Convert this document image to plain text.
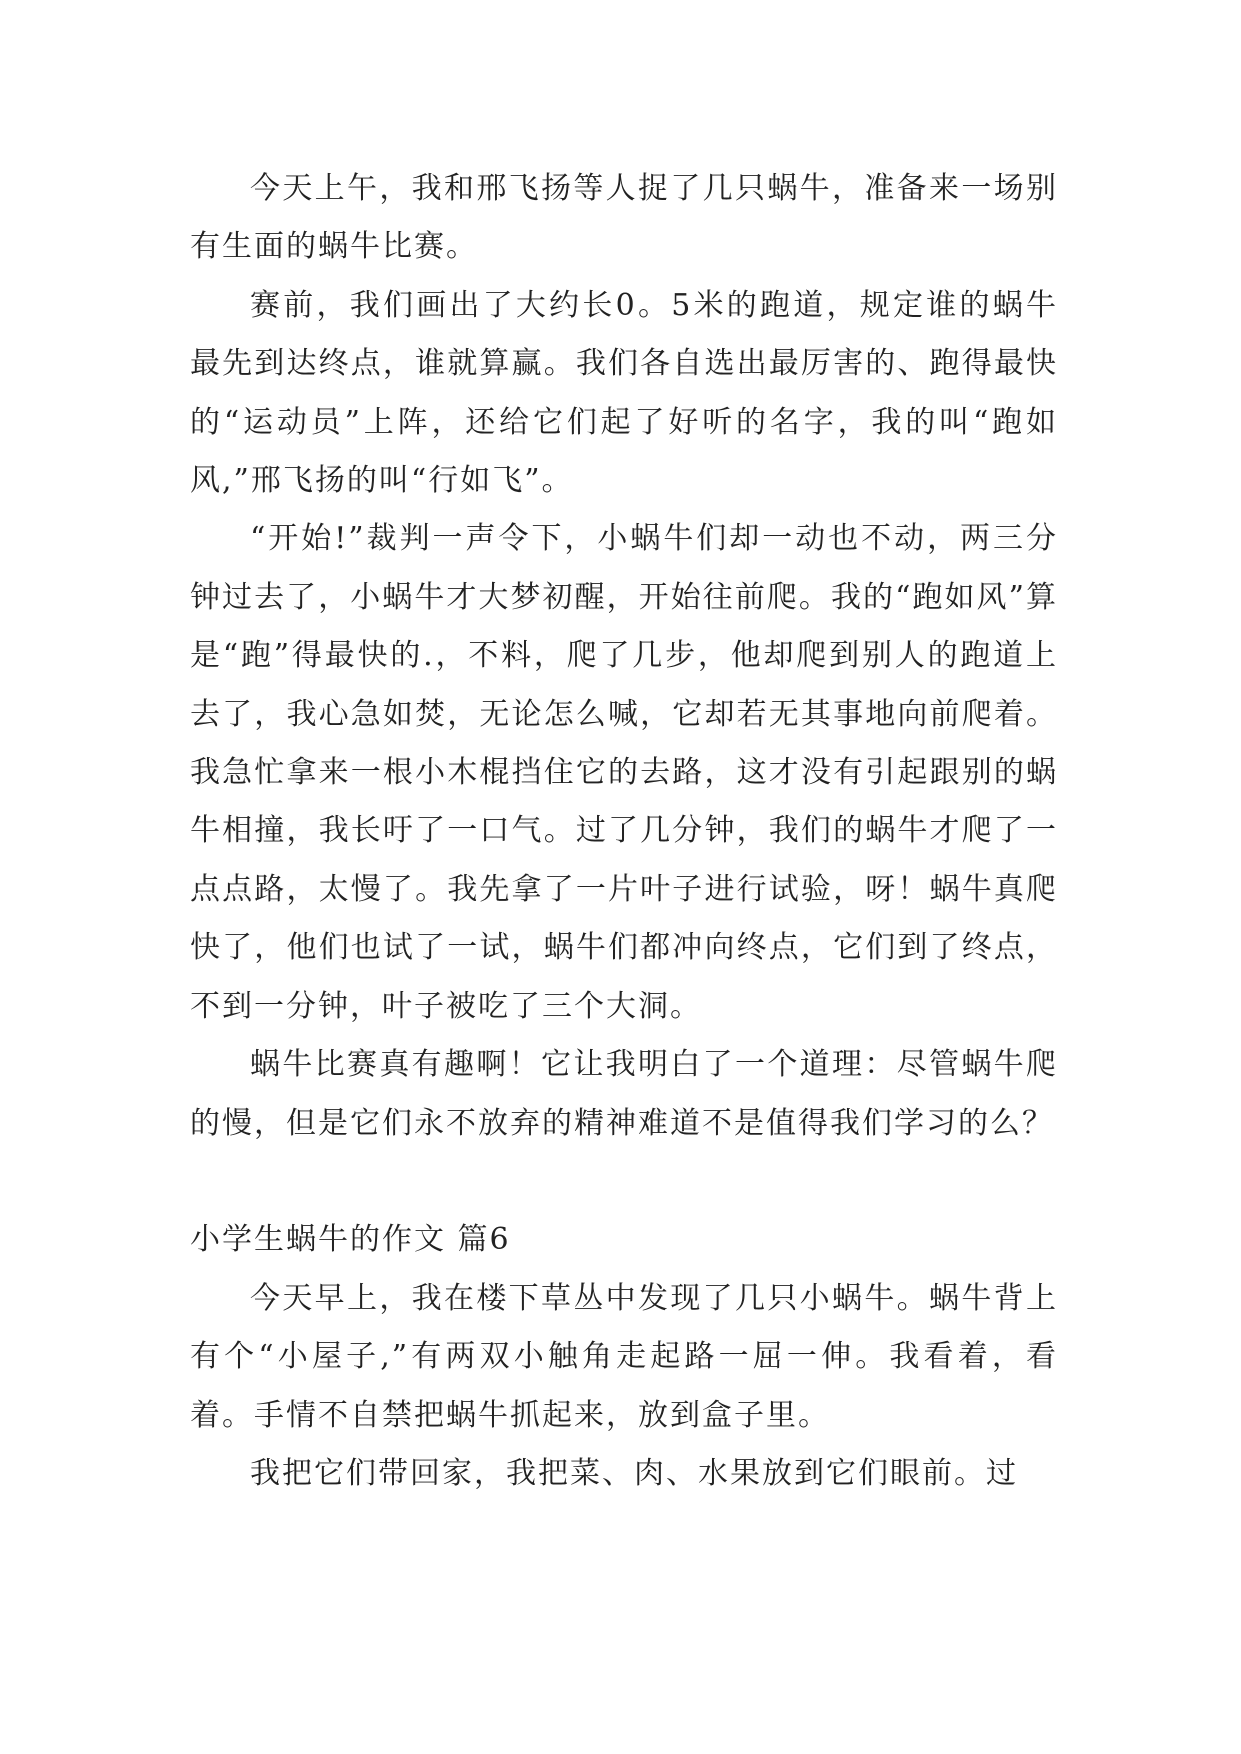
今天上午，我和邢飞扬等人捉了几只蜗牛，准备来一场别有生面的蜗牛比赛。

赛前，我们画出了大约长0。5米的跑道，规定谁的蜗牛最先到达终点，谁就算赢。我们各自选出最厉害的、跑得最快的“运动员”上阵，还给它们起了好听的名字，我的叫“跑如风,”邢飞扬的叫“行如飞”。

“开始!”裁判一声令下，小蜗牛们却一动也不动，两三分钟过去了，小蜗牛才大梦初醒，开始往前爬。我的“跑如风”算是“跑”得最快的.，不料，爬了几步，他却爬到别人的跑道上去了，我心急如焚，无论怎么喊，它却若无其事地向前爬着。我急忙拿来一根小木棍挡住它的去路，这才没有引起跟别的蜗牛相撞，我长吁了一口气。过了几分钟，我们的蜗牛才爬了一点点路，太慢了。我先拿了一片叶子进行试验，呀！蜗牛真爬快了，他们也试了一试，蜗牛们都冲向终点，它们到了终点，不到一分钟，叶子被吃了三个大洞。

蜗牛比赛真有趣啊！它让我明白了一个道理：尽管蜗牛爬的慢，但是它们永不放弃的精神难道不是值得我们学习的么？

小学生蜗牛的作文 篇6

今天早上，我在楼下草丛中发现了几只小蜗牛。蜗牛背上有个“小屋子,”有两双小触角走起路一屈一伸。我看着，看着。手情不自禁把蜗牛抓起来，放到盒子里。

我把它们带回家，我把菜、肉、水果放到它们眼前。过
